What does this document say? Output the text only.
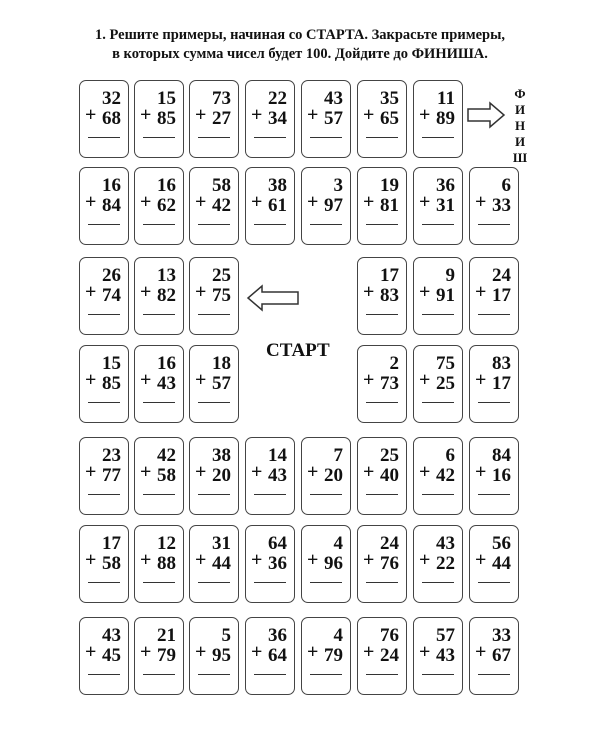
1. Решите примеры, начиная со СТАРТА. Закрасьте примеры,
в которых сумма чисел будет 100. Дойдите до ФИНИША.
+
32
68 +
15
85 +
73
27 +
22
34 +
43
57 +
35
65 +
11
89
+
16
84 +
16
62 +
58
42 +
38
61 +
3
97 +
19
81 +
36
31 +
6
33
+
26
74 +
13
82 +
25
75	+
17
83 +
9
91 +
24
17
+
15
85 +
16
43 +
18
57	+
2
73 +
75
25 +
83
17
+
23
77 +
42
58 +
38
20 +
14
43 +
7
20 +
25
40 +
6
42 +
84
16
+
17
58 +
12
88 +
31
44 +
64
36 +
4
96 +
24
76 +
43
22 +
56
44
+
43
45 +
21
79 +
5
95 +
36
64 +
4
79 +
76
24 +
57
43 +
33
67
СТАРТ
Ф
И
Н
И
Ш
